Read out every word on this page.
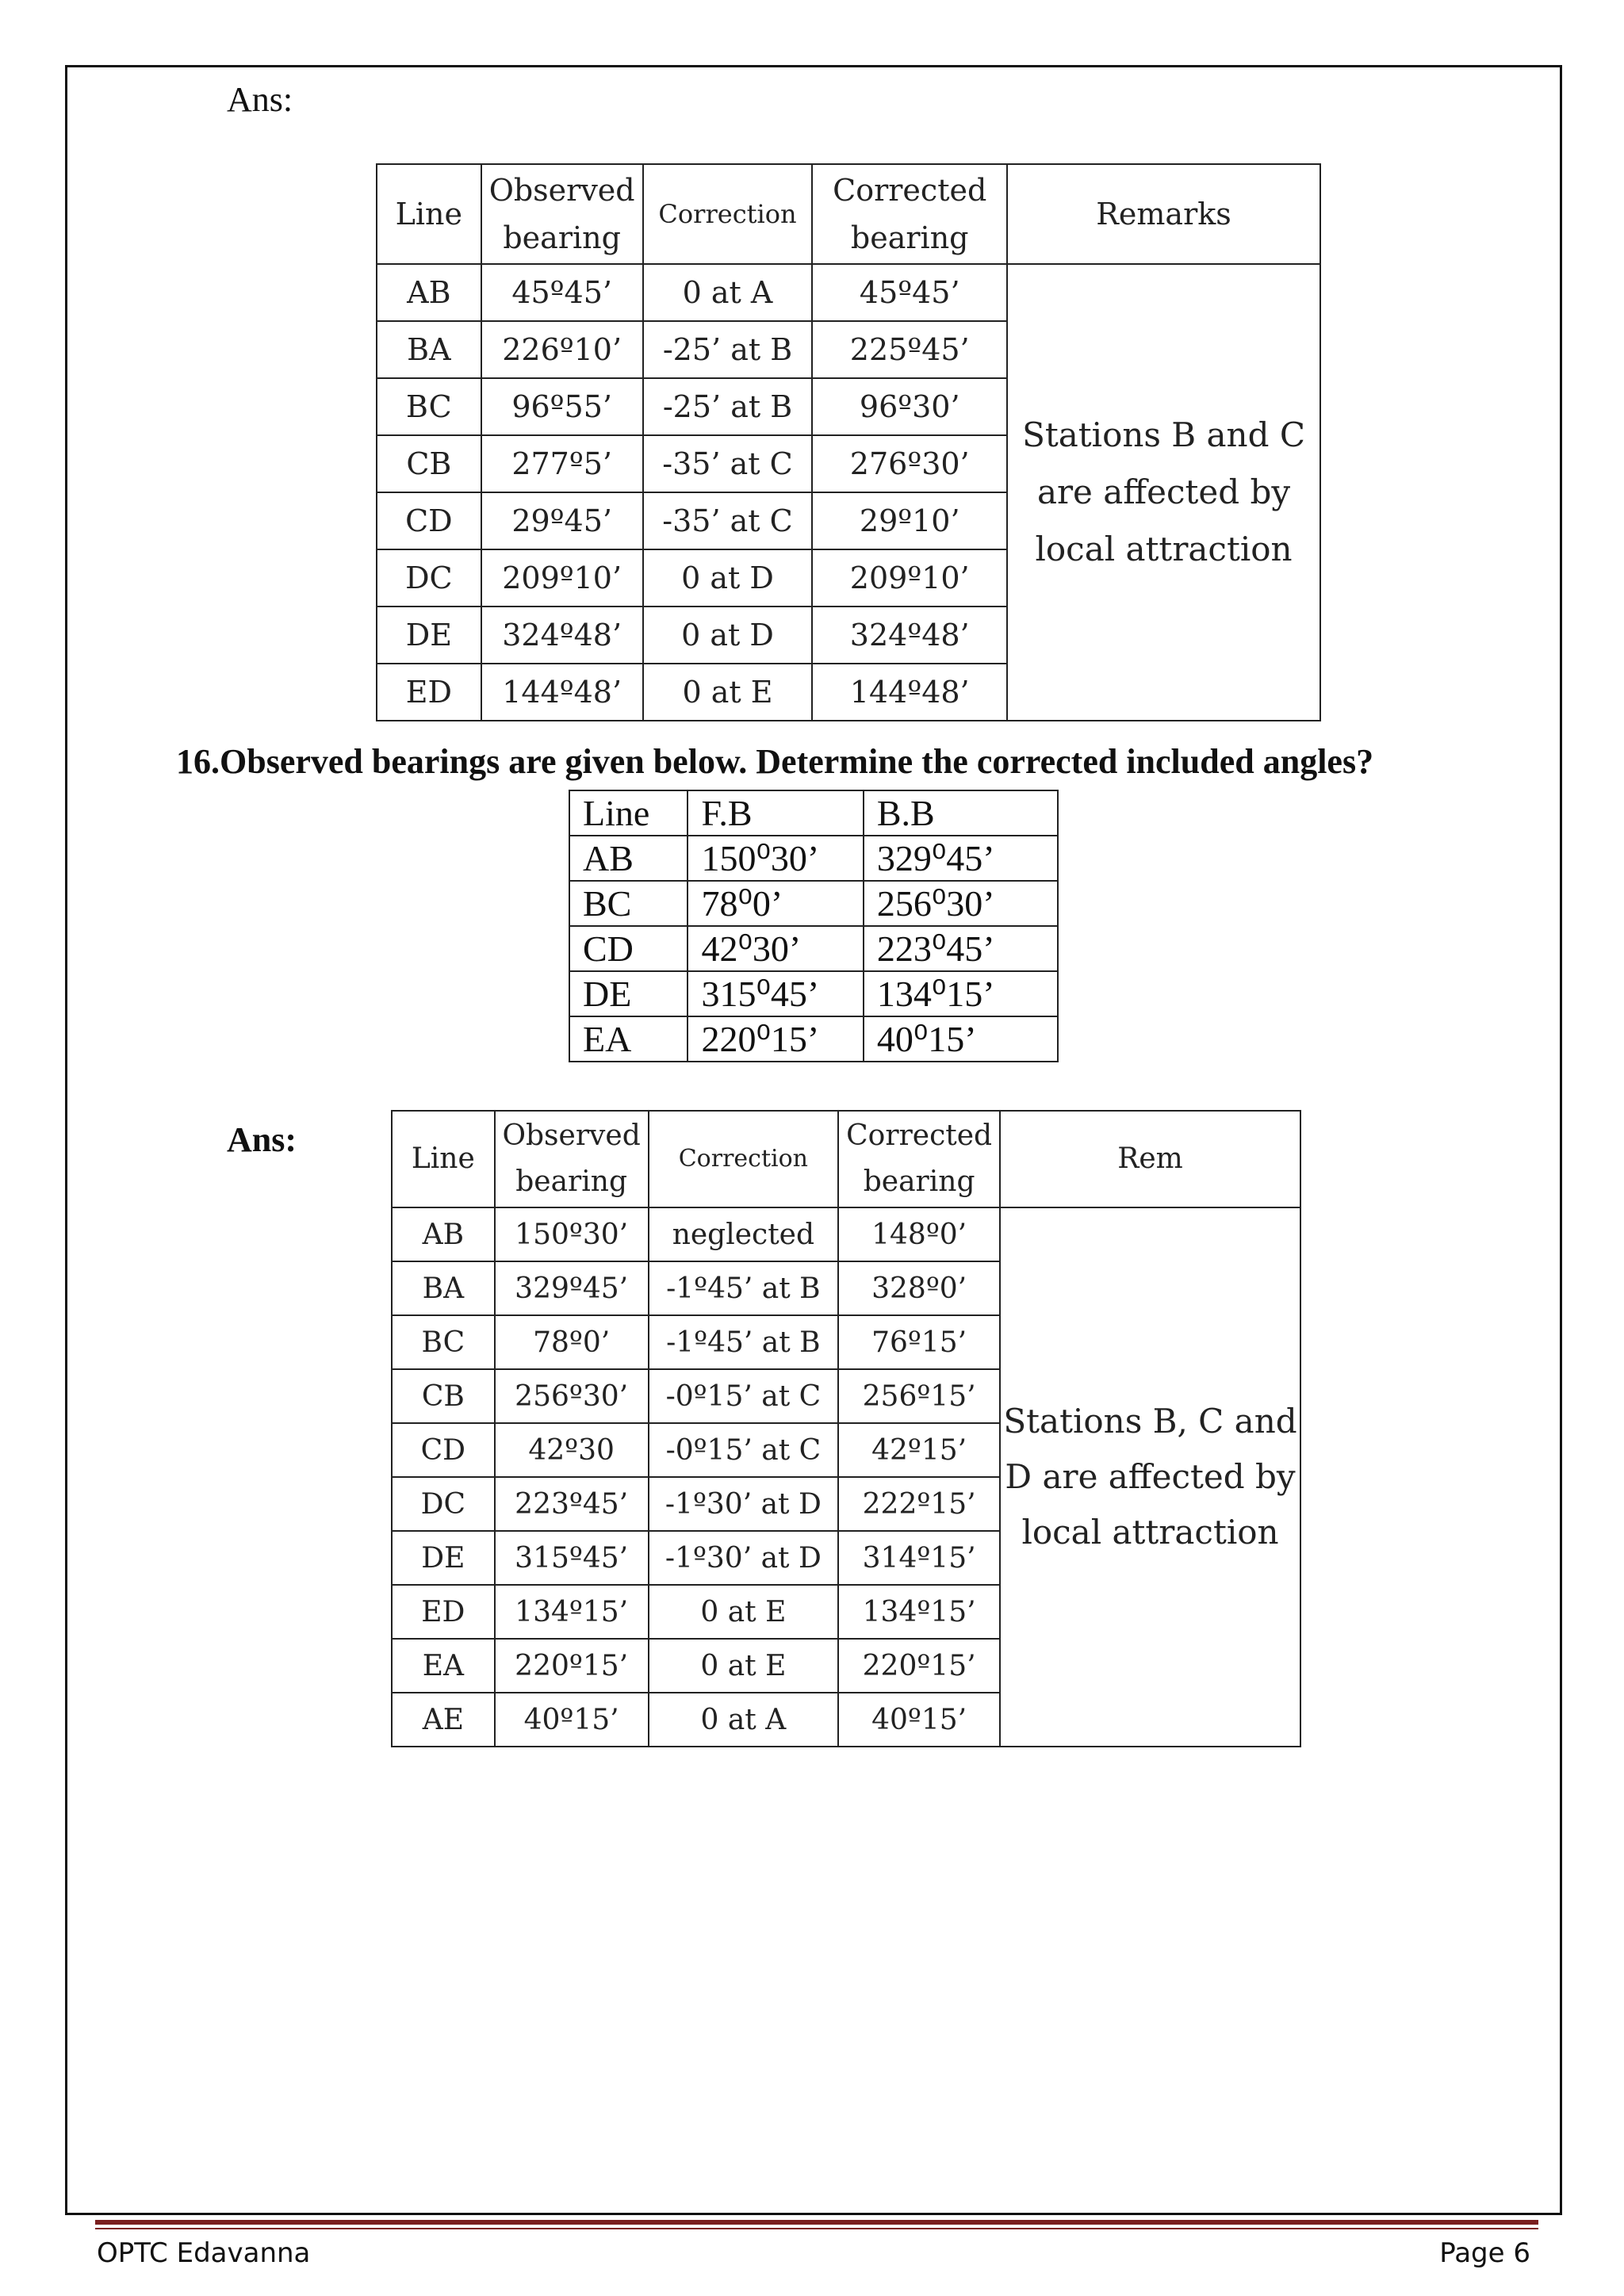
Ans:
Line	Observed bearing	Correction	Corrected bearing	Remarks
AB	45º45’	0 at A	45º45’	Stations B and C are affected by local attraction
BA	226º10’	-25’ at B	225º45’	
BC	96º55’	-25’ at B	96º30’	
CB	277º5’	-35’ at C	276º30’	
CD	29º45’	-35’ at C	29º10’	
DC	209º10’	0 at D	209º10’	
DE	324º48’	0 at D	324º48’	
ED	144º48’	0 at E	144º48’	
16.Observed bearings are given below. Determine the corrected included angles?
Line	F.B	B.B
AB	150⁰30’	329⁰45’
BC	78⁰0’	256⁰30’
CD	42⁰30’	223⁰45’
DE	315⁰45’	134⁰15’
EA	220⁰15’	40⁰15’
Ans:	Line	Observed bearing	Correction	Corrected bearing	Rem
AB	150º30’	neglected	148º0’	Stations B, C and D are affected by local attraction
BA	329º45’	-1º45’ at B	328º0’	
BC	78º0’	-1º45’ at B	76º15’	
CB	256º30’	-0º15’ at C	256º15’	
CD	42º30	-0º15’ at C	42º15’	
DC	223º45’	-1º30’ at D	222º15’	
DE	315º45’	-1º30’ at D	314º15’	
ED	134º15’	0 at E	134º15’	
EA	220º15’	0 at E	220º15’	
AE	40º15’	0 at A	40º15’	
OPTC Edavanna	Page 6
